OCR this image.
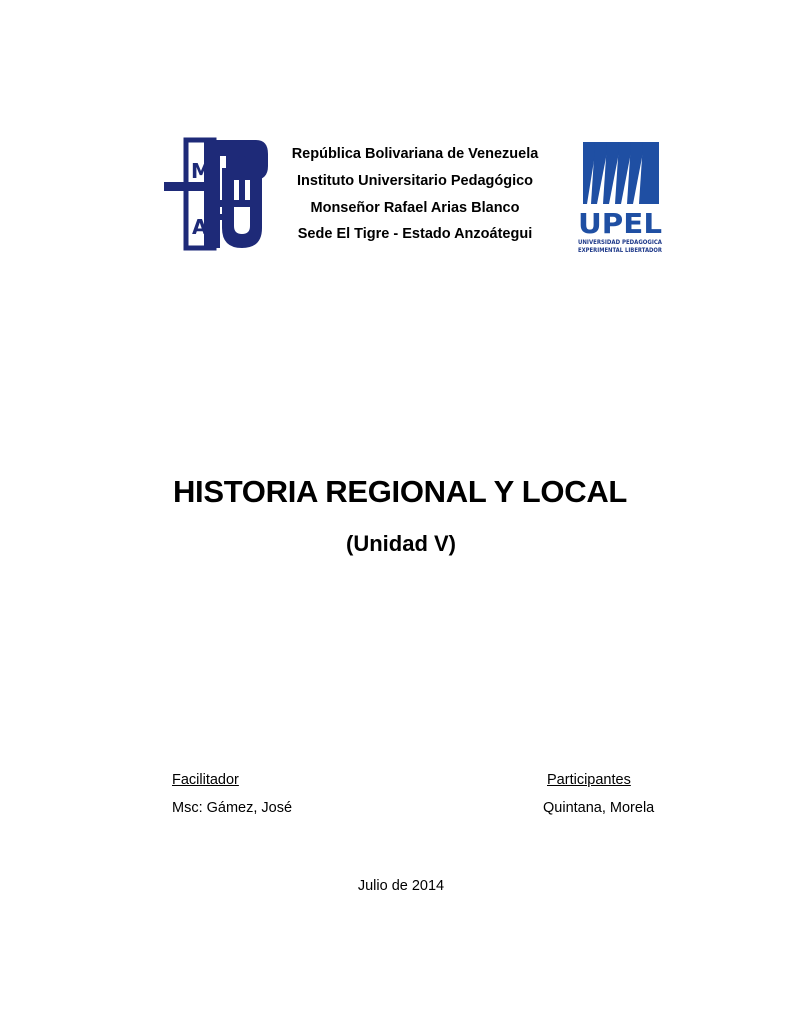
M
A
República Bolivariana de Venezuela
Instituto Universitario Pedagógico
Monseñor Rafael Arias Blanco
Sede El Tigre - Estado Anzoátegui	UPEL
UNIVERSIDAD PEDAGOGICA
EXPERIMENTAL LIBERTADOR
HISTORIA REGIONAL Y LOCAL
(Unidad V)
Facilitador
Msc: Gámez, José
Participantes
Quintana, Morela
Julio de 2014
